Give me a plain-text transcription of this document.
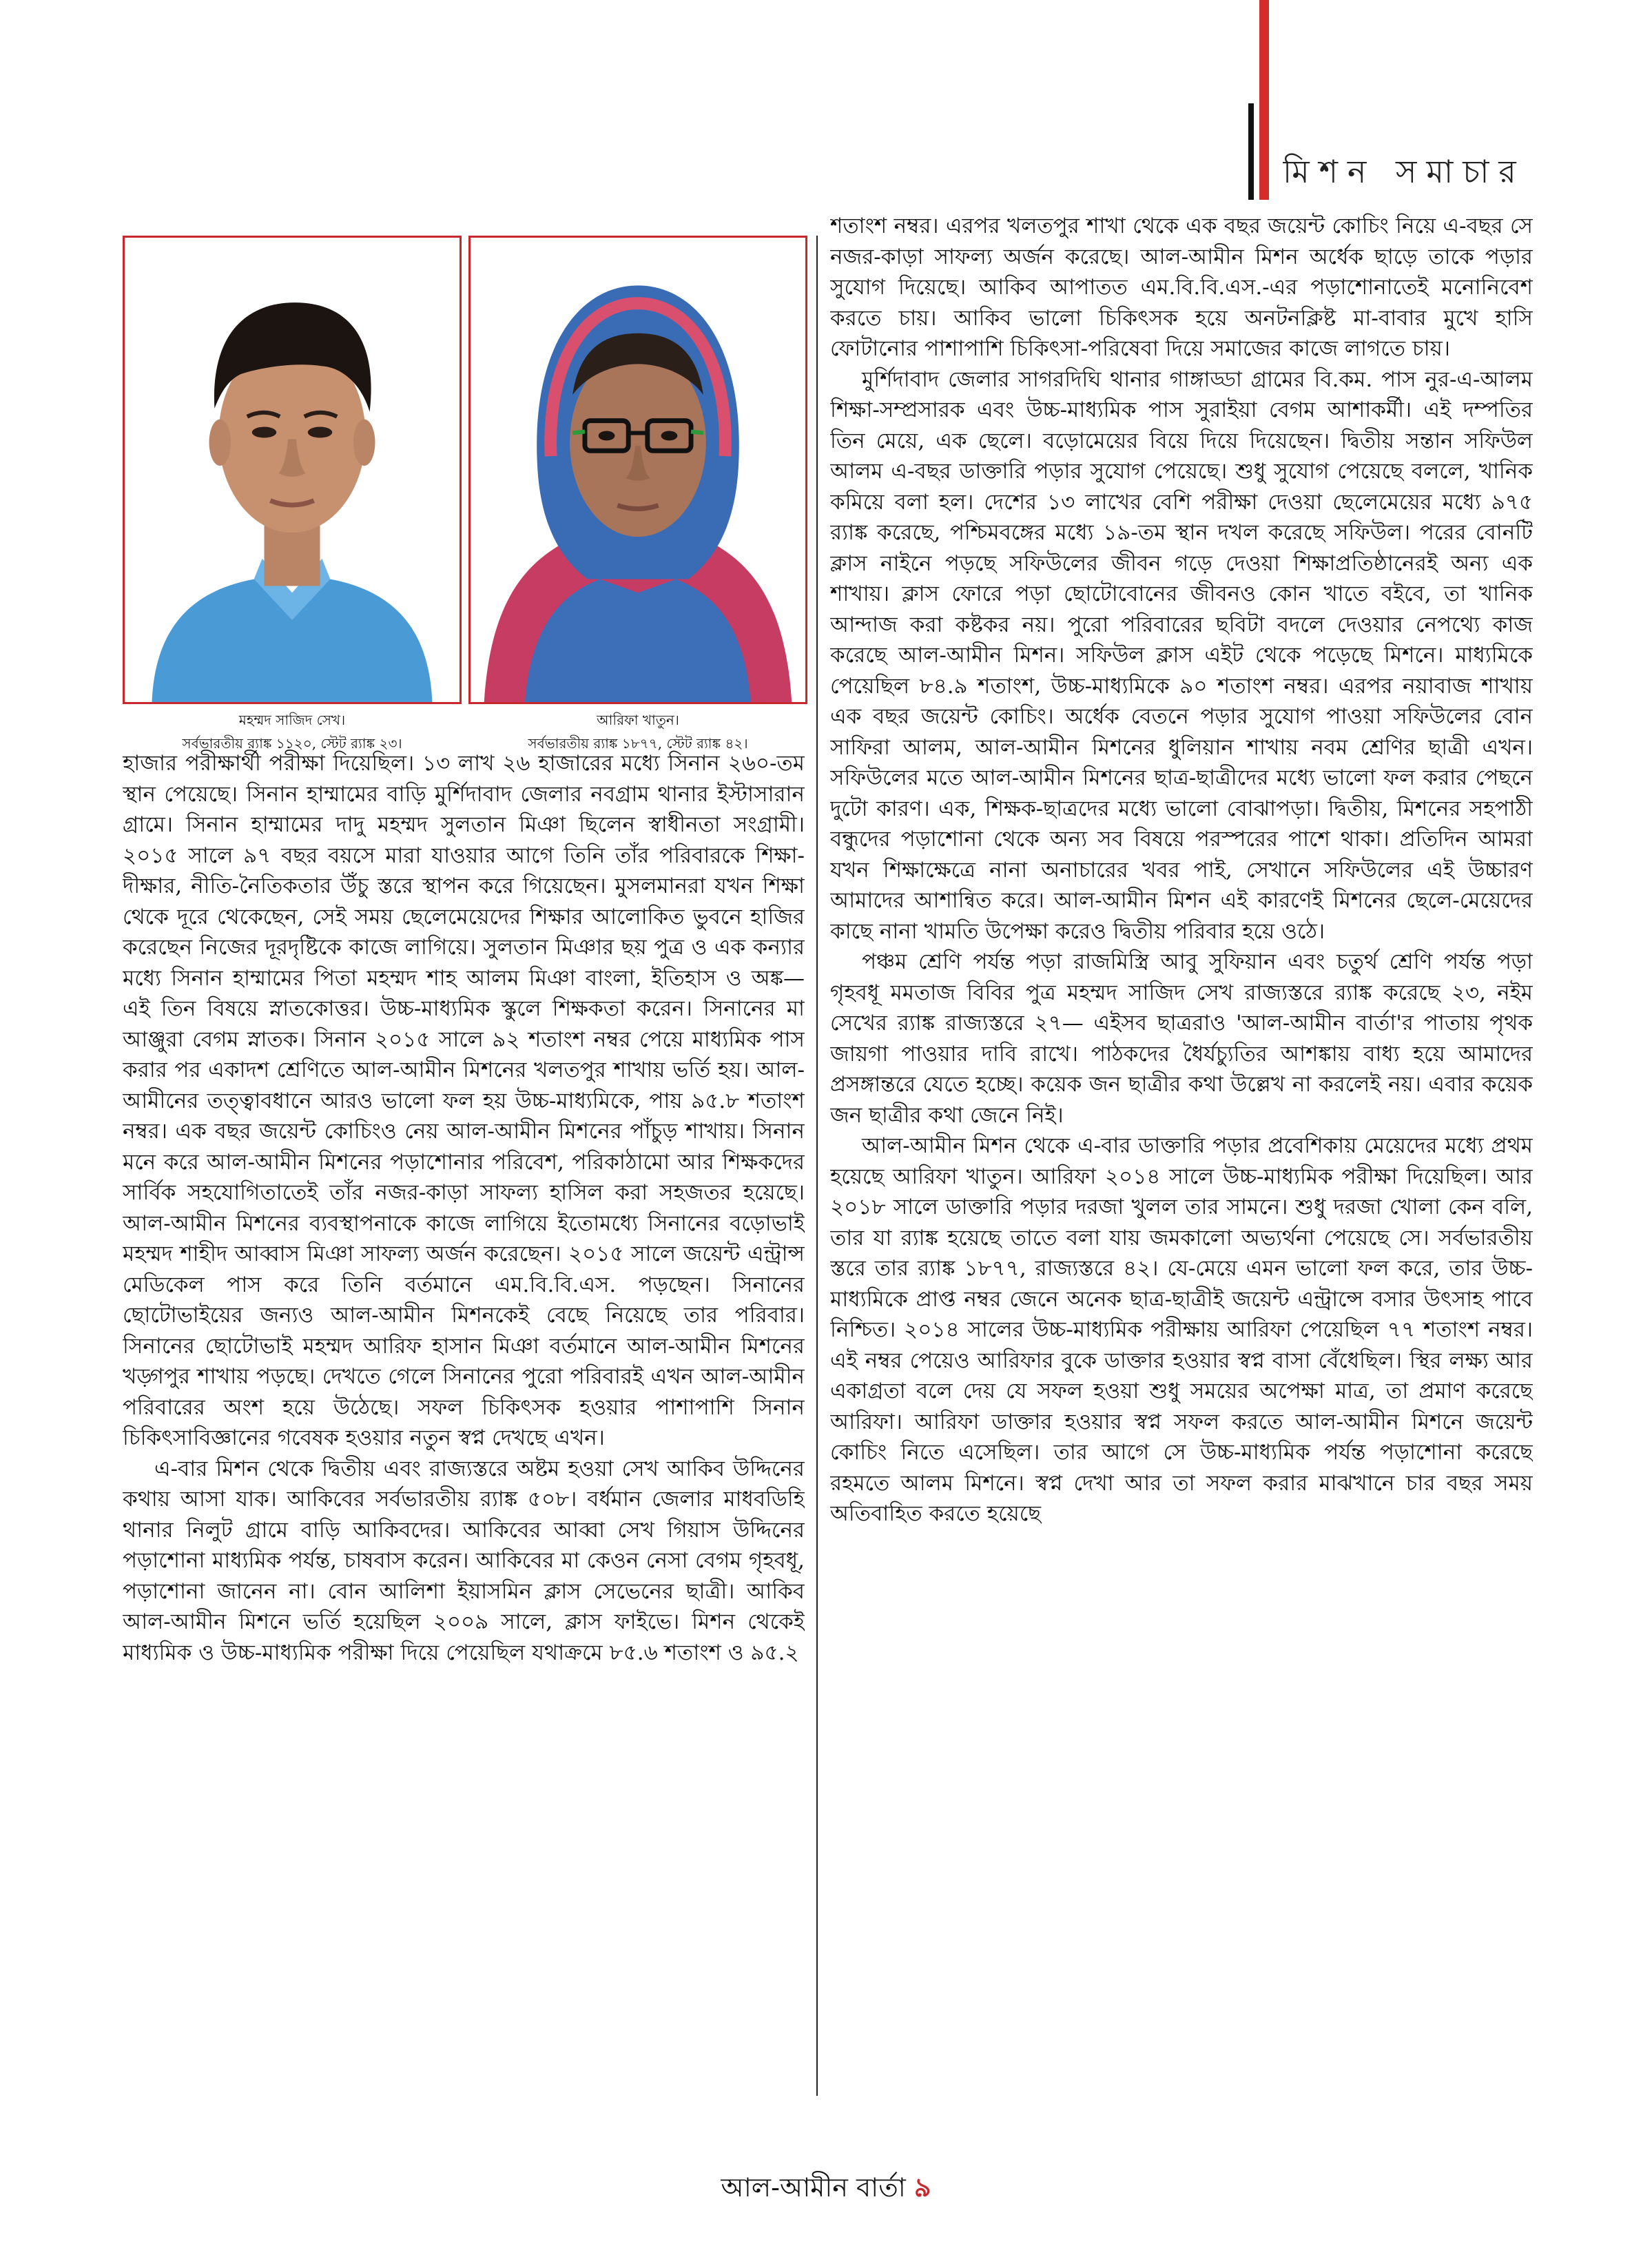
মিশন সমাচার
মহম্মদ সাজিদ সেখ।
সর্বভারতীয় র‍্যাঙ্ক ১১২০, স্টেট র‍্যাঙ্ক ২৩।
আরিফা খাতুন।
সর্বভারতীয় র‍্যাঙ্ক ১৮৭৭, স্টেট র‍্যাঙ্ক ৪২।

হাজার পরীক্ষার্থী পরীক্ষা দিয়েছিল। ১৩ লাখ ২৬ হাজারের মধ্যে সিনান ২৬০-তম স্থান পেয়েছে। সিনান হাম্মামের বাড়ি মুর্শিদাবাদ জেলার নবগ্রাম থানার ইস্টাসারান গ্রামে। সিনান হাম্মামের দাদু মহম্মদ সুলতান মিঞা ছিলেন স্বাধীনতা সংগ্রামী। ২০১৫ সালে ৯৭ বছর বয়সে মারা যাওয়ার আগে তিনি তাঁর পরিবারকে শিক্ষা-দীক্ষার, নীতি-নৈতিকতার উঁচু স্তরে স্থাপন করে গিয়েছেন। মুসলমানরা যখন শিক্ষা থেকে দূরে থেকেছেন, সেই সময় ছেলেমেয়েদের শিক্ষার আলোকিত ভুবনে হাজির করেছেন নিজের দূরদৃষ্টিকে কাজে লাগিয়ে। সুলতান মিঞার ছয় পুত্র ও এক কন্যার মধ্যে সিনান হাম্মামের পিতা মহম্মদ শাহ আলম মিঞা বাংলা, ইতিহাস ও অঙ্ক— এই তিন বিষয়ে স্নাতকোত্তর। উচ্চ-মাধ্যমিক স্কুলে শিক্ষকতা করেন। সিনানের মা আঞ্জুরা বেগম স্নাতক। সিনান ২০১৫ সালে ৯২ শতাংশ নম্বর পেয়ে মাধ্যমিক পাস করার পর একাদশ শ্রেণিতে আল-আমীন মিশনের খলতপুর শাখায় ভর্তি হয়। আল-আমীনের তত্ত্বাবধানে আরও ভালো ফল হয় উচ্চ-মাধ্যমিকে, পায় ৯৫.৮ শতাংশ নম্বর। এক বছর জয়েন্ট কোচিংও নেয় আল-আমীন মিশনের পাঁচুড় শাখায়। সিনান মনে করে আল-আমীন মিশনের পড়াশোনার পরিবেশ, পরিকাঠামো আর শিক্ষকদের সার্বিক সহযোগিতাতেই তাঁর নজর-কাড়া সাফল্য হাসিল করা সহজতর হয়েছে। আল-আমীন মিশনের ব্যবস্থাপনাকে কাজে লাগিয়ে ইতোমধ্যে সিনানের বড়োভাই মহম্মদ শাহীদ আব্বাস মিঞা সাফল্য অর্জন করেছেন। ২০১৫ সালে জয়েন্ট এন্ট্রান্স মেডিকেল পাস করে তিনি বর্তমানে এম.বি.বি.এস. পড়ছেন। সিনানের ছোটোভাইয়ের জন্যও আল-আমীন মিশনকেই বেছে নিয়েছে তার পরিবার। সিনানের ছোটোভাই মহম্মদ আরিফ হাসান মিঞা বর্তমানে আল-আমীন মিশনের খড়্গপুর শাখায় পড়ছে। দেখতে গেলে সিনানের পুরো পরিবারই এখন আল-আমীন পরিবারের অংশ হয়ে উঠেছে। সফল চিকিৎসক হওয়ার পাশাপাশি সিনান চিকিৎসাবিজ্ঞানের গবেষক হওয়ার নতুন স্বপ্ন দেখছে এখন।

এ-বার মিশন থেকে দ্বিতীয় এবং রাজ্যস্তরে অষ্টম হওয়া সেখ আকিব উদ্দিনের কথায় আসা যাক। আকিবের সর্বভারতীয় র‍্যাঙ্ক ৫০৮। বর্ধমান জেলার মাধবডিহি থানার নিলুট গ্রামে বাড়ি আকিবদের। আকিবের আব্বা সেখ গিয়াস উদ্দিনের পড়াশোনা মাধ্যমিক পর্যন্ত, চাষবাস করেন। আকিবের মা কেওন নেসা বেগম গৃহবধূ, পড়াশোনা জানেন না। বোন আলিশা ইয়াসমিন ক্লাস সেভেনের ছাত্রী। আকিব আল-আমীন মিশনে ভর্তি হয়েছিল ২০০৯ সালে, ক্লাস ফাইভে। মিশন থেকেই মাধ্যমিক ও উচ্চ-মাধ্যমিক পরীক্ষা দিয়ে পেয়েছিল যথাক্রমে ৮৫.৬ শতাংশ ও ৯৫.২

শতাংশ নম্বর। এরপর খলতপুর শাখা থেকে এক বছর জয়েন্ট কোচিং নিয়ে এ-বছর সে নজর-কাড়া সাফল্য অর্জন করেছে। আল-আমীন মিশন অর্ধেক ছাড়ে তাকে পড়ার সুযোগ দিয়েছে। আকিব আপাতত এম.বি.বি.এস.-এর পড়াশোনাতেই মনোনিবেশ করতে চায়। আকিব ভালো চিকিৎসক হয়ে অনটনক্লিষ্ট মা-বাবার মুখে হাসি ফোটানোর পাশাপাশি চিকিৎসা-পরিষেবা দিয়ে সমাজের কাজে লাগতে চায়।

মুর্শিদাবাদ জেলার সাগরদিঘি থানার গাঙ্গাড্ডা গ্রামের বি.কম. পাস নুর-এ-আলম শিক্ষা-সম্প্রসারক এবং উচ্চ-মাধ্যমিক পাস সুরাইয়া বেগম আশাকর্মী। এই দম্পতির তিন মেয়ে, এক ছেলে। বড়োমেয়ের বিয়ে দিয়ে দিয়েছেন। দ্বিতীয় সন্তান সফিউল আলম এ-বছর ডাক্তারি পড়ার সুযোগ পেয়েছে। শুধু সুযোগ পেয়েছে বললে, খানিক কমিয়ে বলা হল। দেশের ১৩ লাখের বেশি পরীক্ষা দেওয়া ছেলেমেয়ের মধ্যে ৯৭৫ র‍্যাঙ্ক করেছে, পশ্চিমবঙ্গের মধ্যে ১৯-তম স্থান দখল করেছে সফিউল। পরের বোনটি ক্লাস নাইনে পড়ছে সফিউলের জীবন গড়ে দেওয়া শিক্ষাপ্রতিষ্ঠানেরই অন্য এক শাখায়। ক্লাস ফোরে পড়া ছোটোবোনের জীবনও কোন খাতে বইবে, তা খানিক আন্দাজ করা কষ্টকর নয়। পুরো পরিবারের ছবিটা বদলে দেওয়ার নেপথ্যে কাজ করেছে আল-আমীন মিশন। সফিউল ক্লাস এইট থেকে পড়েছে মিশনে। মাধ্যমিকে পেয়েছিল ৮৪.৯ শতাংশ, উচ্চ-মাধ্যমিকে ৯০ শতাংশ নম্বর। এরপর নয়াবাজ শাখায় এক বছর জয়েন্ট কোচিং। অর্ধেক বেতনে পড়ার সুযোগ পাওয়া সফিউলের বোন সাফিরা আলম, আল-আমীন মিশনের ধুলিয়ান শাখায় নবম শ্রেণির ছাত্রী এখন। সফিউলের মতে আল-আমীন মিশনের ছাত্র-ছাত্রীদের মধ্যে ভালো ফল করার পেছনে দুটো কারণ। এক, শিক্ষক-ছাত্রদের মধ্যে ভালো বোঝাপড়া। দ্বিতীয়, মিশনের সহপাঠী বন্ধুদের পড়াশোনা থেকে অন্য সব বিষয়ে পরস্পরের পাশে থাকা। প্রতিদিন আমরা যখন শিক্ষাক্ষেত্রে নানা অনাচারের খবর পাই, সেখানে সফিউলের এই উচ্চারণ আমাদের আশান্বিত করে। আল-আমীন মিশন এই কারণেই মিশনের ছেলে-মেয়েদের কাছে নানা খামতি উপেক্ষা করেও দ্বিতীয় পরিবার হয়ে ওঠে।

পঞ্চম শ্রেণি পর্যন্ত পড়া রাজমিস্ত্রি আবু সুফিয়ান এবং চতুর্থ শ্রেণি পর্যন্ত পড়া গৃহবধূ মমতাজ বিবির পুত্র মহম্মদ সাজিদ সেখ রাজ্যস্তরে র‍্যাঙ্ক করেছে ২৩, নইম সেখের র‍্যাঙ্ক রাজ্যস্তরে ২৭— এইসব ছাত্ররাও 'আল-আমীন বার্তা'র পাতায় পৃথক জায়গা পাওয়ার দাবি রাখে। পাঠকদের ধৈর্যচ্যুতির আশঙ্কায় বাধ্য হয়ে আমাদের প্রসঙ্গান্তরে যেতে হচ্ছে। কয়েক জন ছাত্রীর কথা উল্লেখ না করলেই নয়। এবার কয়েক জন ছাত্রীর কথা জেনে নিই।

আল-আমীন মিশন থেকে এ-বার ডাক্তারি পড়ার প্রবেশিকায় মেয়েদের মধ্যে প্রথম হয়েছে আরিফা খাতুন। আরিফা ২০১৪ সালে উচ্চ-মাধ্যমিক পরীক্ষা দিয়েছিল। আর ২০১৮ সালে ডাক্তারি পড়ার দরজা খুলল তার সামনে। শুধু দরজা খোলা কেন বলি, তার যা র‍্যাঙ্ক হয়েছে তাতে বলা যায় জমকালো অভ্যর্থনা পেয়েছে সে। সর্বভারতীয় স্তরে তার র‍্যাঙ্ক ১৮৭৭, রাজ্যস্তরে ৪২। যে-মেয়ে এমন ভালো ফল করে, তার উচ্চ-মাধ্যমিকে প্রাপ্ত নম্বর জেনে অনেক ছাত্র-ছাত্রীই জয়েন্ট এন্ট্রান্সে বসার উৎসাহ পাবে নিশ্চিত। ২০১৪ সালের উচ্চ-মাধ্যমিক পরীক্ষায় আরিফা পেয়েছিল ৭৭ শতাংশ নম্বর। এই নম্বর পেয়েও আরিফার বুকে ডাক্তার হওয়ার স্বপ্ন বাসা বেঁধেছিল। স্থির লক্ষ্য আর একাগ্রতা বলে দেয় যে সফল হওয়া শুধু সময়ের অপেক্ষা মাত্র, তা প্রমাণ করেছে আরিফা। আরিফা ডাক্তার হওয়ার স্বপ্ন সফল করতে আল-আমীন মিশনে জয়েন্ট কোচিং নিতে এসেছিল। তার আগে সে উচ্চ-মাধ্যমিক পর্যন্ত পড়াশোনা করেছে রহমতে আলম মিশনে। স্বপ্ন দেখা আর তা সফল করার মাঝখানে চার বছর সময় অতিবাহিত করতে হয়েছে

আল-আমীন বার্তা ৯
